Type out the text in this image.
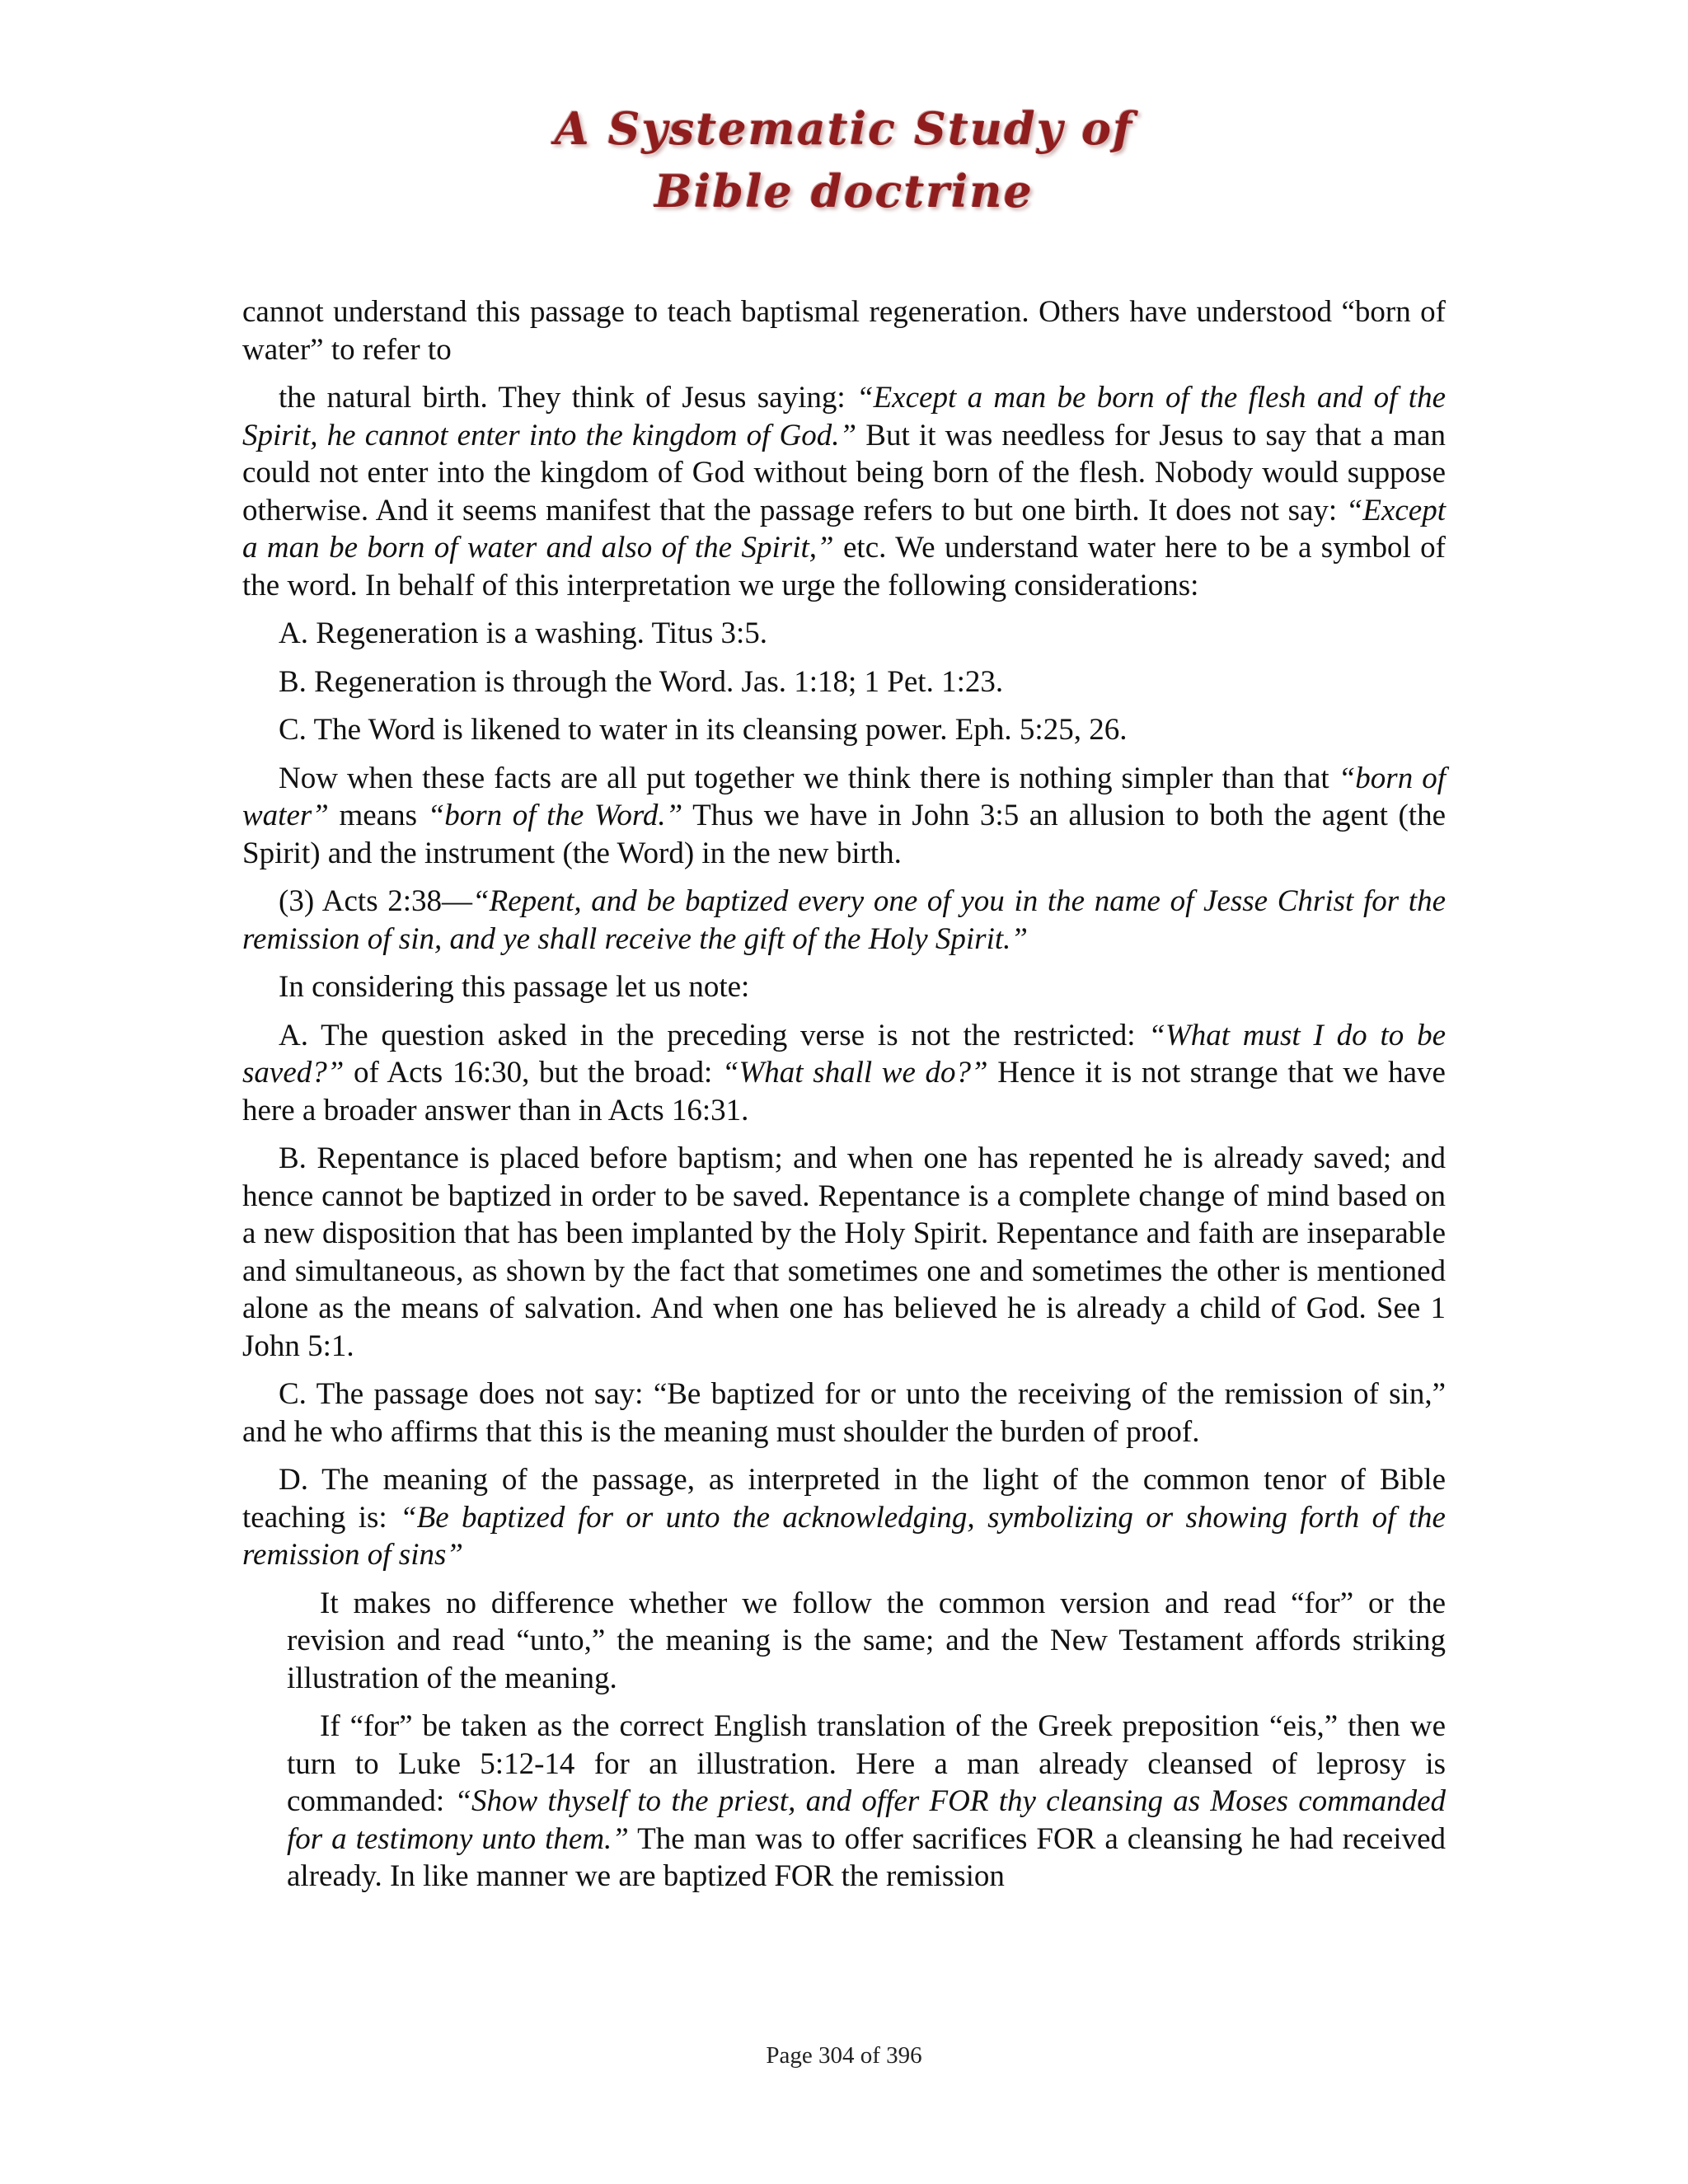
A Systematic Study of
Bible doctrine

cannot understand this passage to teach baptismal regeneration. Others have understood “born of water” to refer to

the natural birth. They think of Jesus saying: “Except a man be born of the flesh and of the Spirit, he cannot enter into the kingdom of God.” But it was needless for Jesus to say that a man could not enter into the kingdom of God without being born of the flesh. Nobody would suppose otherwise. And it seems manifest that the passage refers to but one birth. It does not say: “Except a man be born of water and also of the Spirit,” etc. We understand water here to be a symbol of the word. In behalf of this interpretation we urge the following considerations:

A. Regeneration is a washing. Titus 3:5.

B. Regeneration is through the Word. Jas. 1:18; 1 Pet. 1:23.

C. The Word is likened to water in its cleansing power. Eph. 5:25, 26.

Now when these facts are all put together we think there is nothing simpler than that “born of water” means “born of the Word.” Thus we have in John 3:5 an allusion to both the agent (the Spirit) and the instrument (the Word) in the new birth.

(3) Acts 2:38—“Repent, and be baptized every one of you in the name of Jesse Christ for the remission of sin, and ye shall receive the gift of the Holy Spirit.”

In considering this passage let us note:

A. The question asked in the preceding verse is not the restricted: “What must I do to be saved?” of Acts 16:30, but the broad: “What shall we do?” Hence it is not strange that we have here a broader answer than in Acts 16:31.

B. Repentance is placed before baptism; and when one has repented he is already saved; and hence cannot be baptized in order to be saved. Repentance is a complete change of mind based on a new disposition that has been implanted by the Holy Spirit. Repentance and faith are inseparable and simultaneous, as shown by the fact that sometimes one and sometimes the other is mentioned alone as the means of salvation. And when one has believed he is already a child of God. See 1 John 5:1.

C. The passage does not say: “Be baptized for or unto the receiving of the remission of sin,” and he who affirms that this is the meaning must shoulder the burden of proof.

D. The meaning of the passage, as interpreted in the light of the common tenor of Bible teaching is: “Be baptized for or unto the acknowledging, symbolizing or showing forth of the remission of sins”

It makes no difference whether we follow the common version and read “for” or the revision and read “unto,” the meaning is the same; and the New Testament affords striking illustration of the meaning.

If “for” be taken as the correct English translation of the Greek preposition “eis,” then we turn to Luke 5:12-14 for an illustration. Here a man already cleansed of leprosy is commanded: “Show thyself to the priest, and offer FOR thy cleansing as Moses commanded for a testimony unto them.” The man was to offer sacrifices FOR a cleansing he had received already. In like manner we are baptized FOR the remission

Page 304 of 396
